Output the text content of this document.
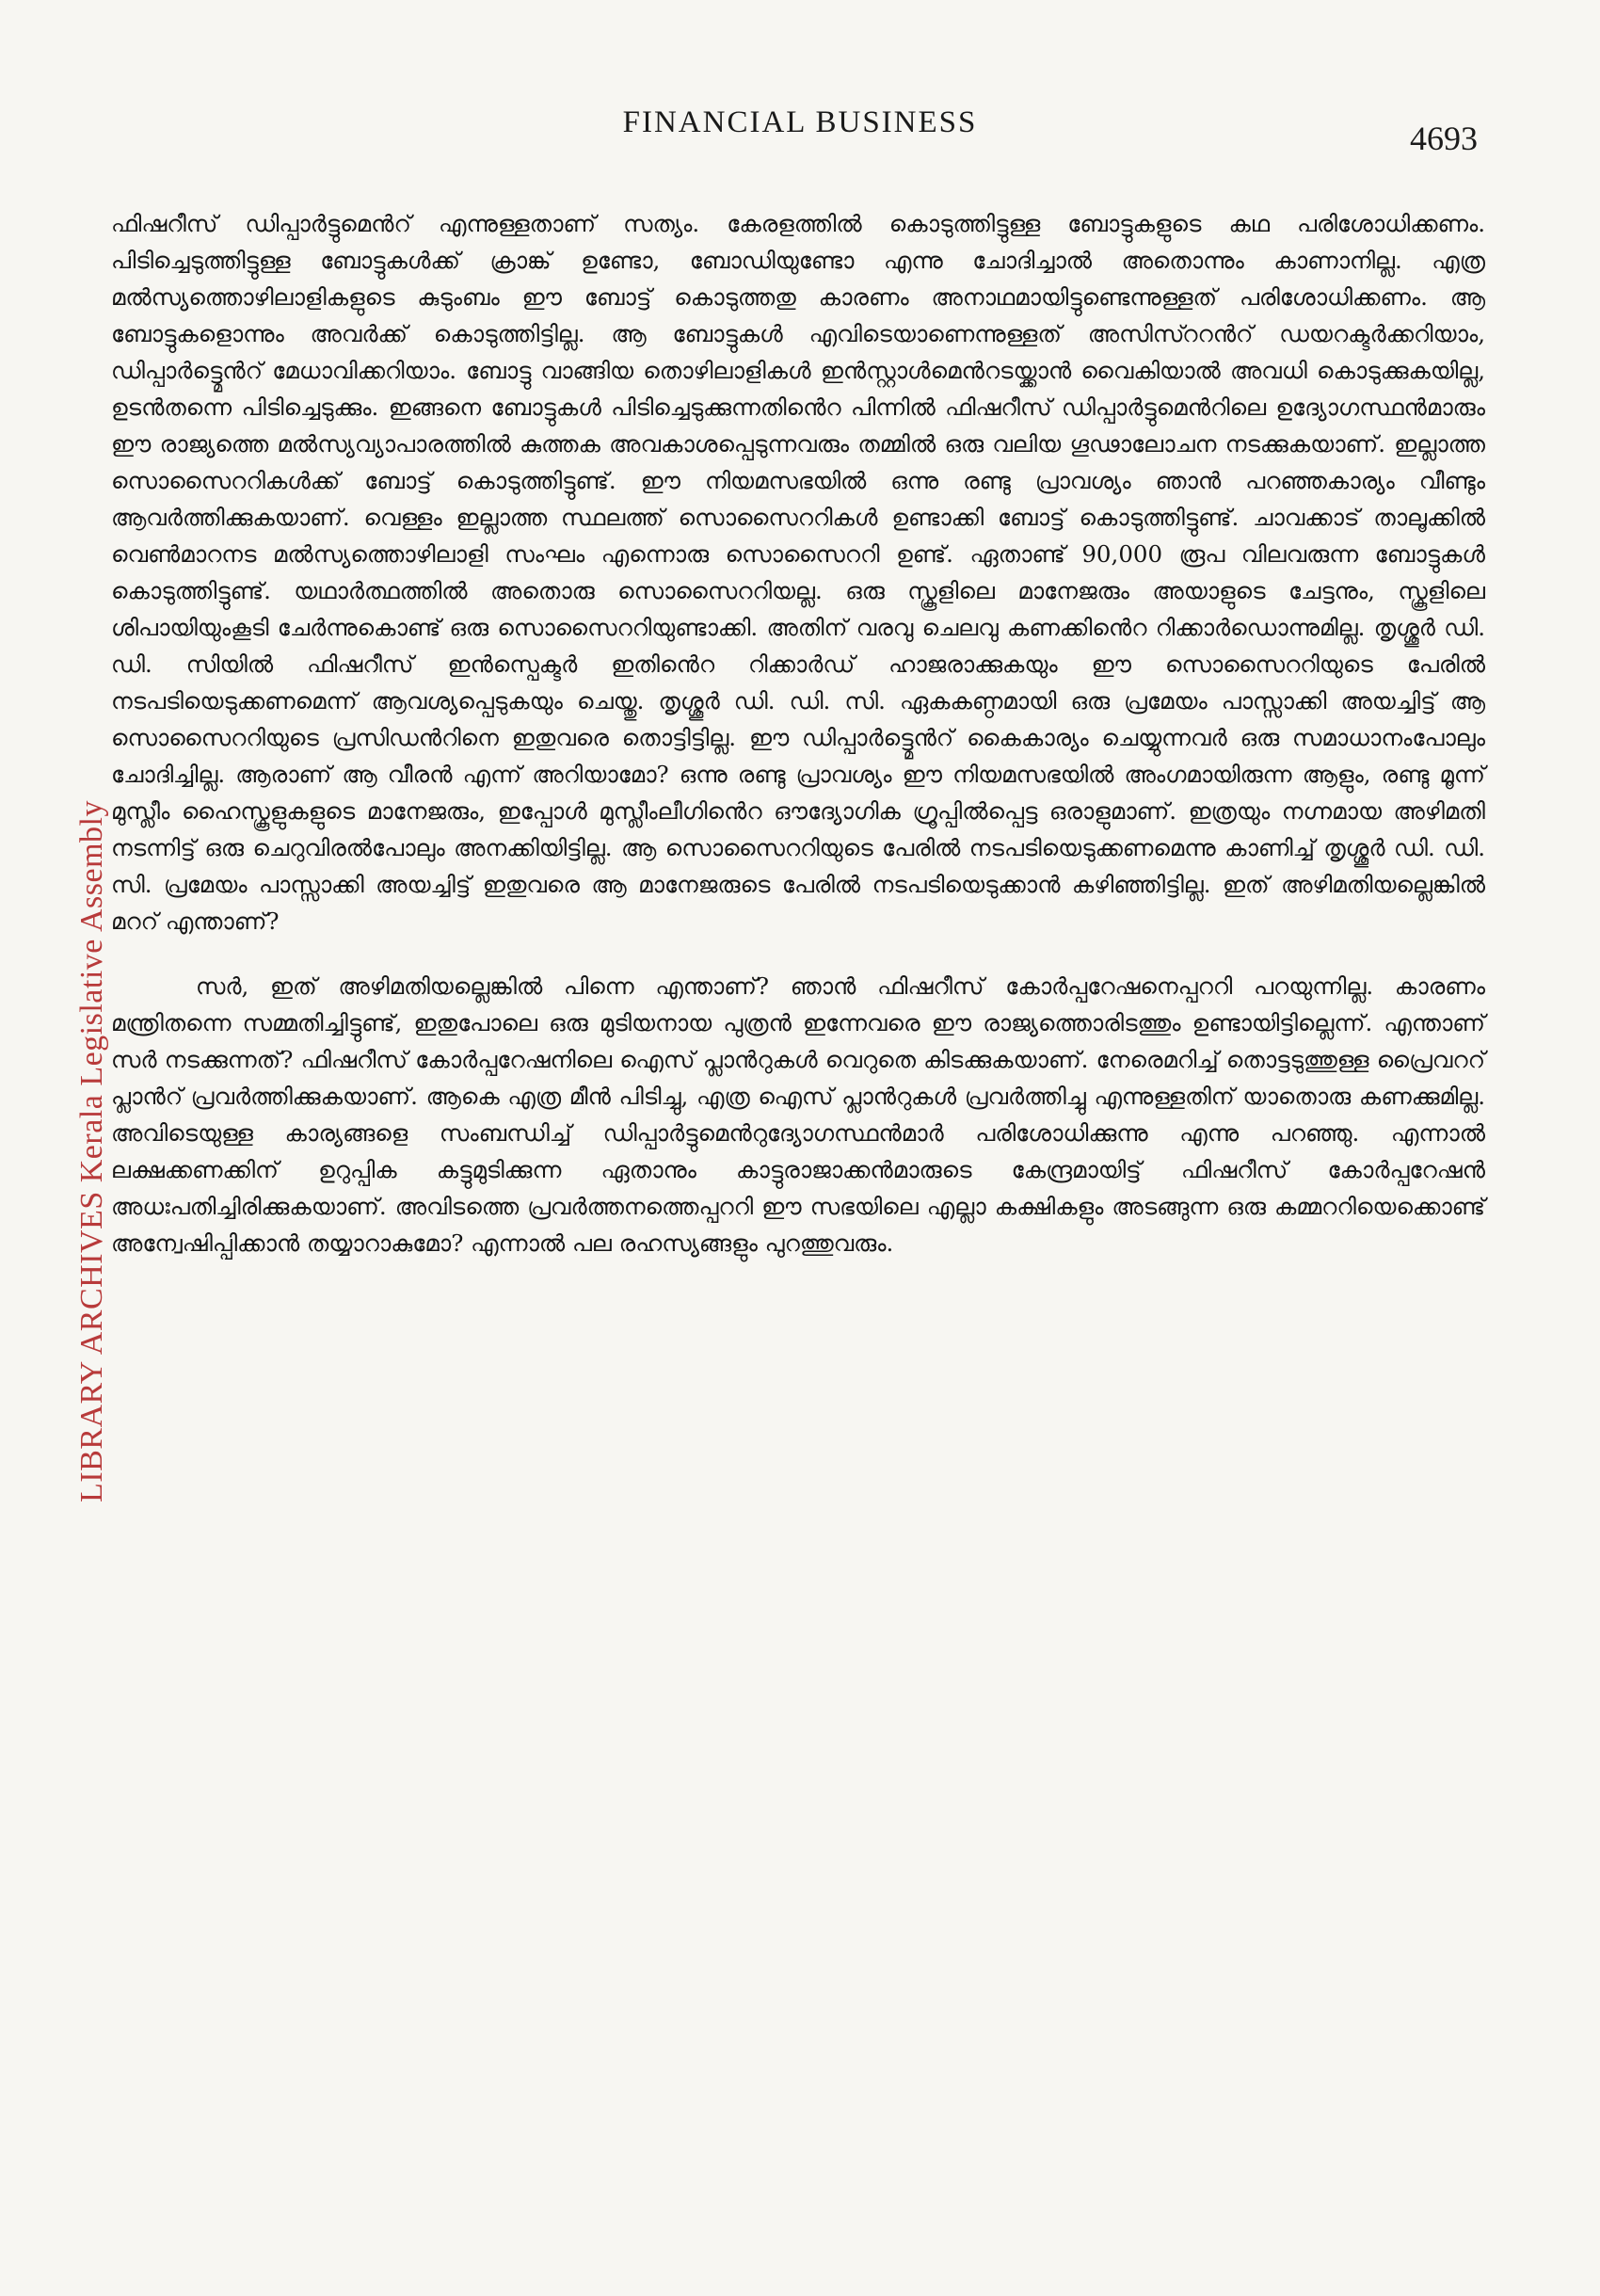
FINANCIAL BUSINESS	4693
LIBRARY ARCHIVES Kerala Legislative Assembly

ഫിഷറീസ് ഡിപ്പാർട്ടുമെൻറ് എന്നുള്ളതാണ് സത്യം. കേരളത്തിൽ കൊടുത്തിട്ടുള്ള ബോട്ടുകളുടെ കഥ പരിശോധിക്കണം. പിടിച്ചെടുത്തിട്ടുള്ള ബോട്ടുകൾക്ക് ക്രാങ്ക് ഉണ്ടോ, ബോഡിയുണ്ടോ എന്നു ചോദിച്ചാൽ അതൊന്നും കാണാനില്ല. എത്ര മൽസ്യത്തൊഴിലാളികളുടെ കുടുംബം ഈ ബോട്ട് കൊടുത്തതു കാരണം അനാഥമായിട്ടുണ്ടെന്നുള്ളത് പരിശോധിക്കണം. ആ ബോട്ടുകളൊന്നും അവർക്ക് കൊടുത്തിട്ടില്ല. ആ ബോട്ടുകൾ എവിടെയാണെന്നുള്ളത് അസിസ്ററൻറ് ഡയറക്ടർക്കറിയാം, ഡിപ്പാർട്ട്മെൻറ് മേധാവിക്കറിയാം. ബോട്ടു വാങ്ങിയ തൊഴിലാളികൾ ഇൻസ്റ്റാൾമെൻറടയ്ക്കാൻ വൈകിയാൽ അവധി കൊടുക്കുകയില്ല, ഉടൻതന്നെ പിടിച്ചെടുക്കും. ഇങ്ങനെ ബോട്ടുകൾ പിടിച്ചെടുക്കുന്നതിൻെറ പിന്നിൽ ഫിഷറീസ് ഡിപ്പാർട്ടുമെൻറിലെ ഉദ്യോഗസ്ഥൻമാരും ഈ രാജ്യത്തെ മൽസ്യവ്യാപാരത്തിൽ കുത്തക അവകാശപ്പെടുന്നവരും തമ്മിൽ ഒരു വലിയ ഗൂഢാലോചന നടക്കുകയാണ്. ഇല്ലാത്ത സൊസൈററികൾക്ക് ബോട്ട് കൊടുത്തിട്ടുണ്ട്. ഈ നിയമസഭയിൽ ഒന്നു രണ്ടു പ്രാവശ്യം ഞാൻ പറഞ്ഞകാര്യം വീണ്ടും ആവർത്തിക്കുകയാണ്. വെള്ളം ഇല്ലാത്ത സ്ഥലത്ത് സൊസൈററികൾ ഉണ്ടാക്കി ബോട്ട് കൊടുത്തിട്ടുണ്ട്. ചാവക്കാട് താലൂക്കിൽ വെൺമാറനട മൽസ്യത്തൊഴിലാളി സംഘം എന്നൊരു സൊസൈററി ഉണ്ട്. ഏതാണ്ട് 90,000 രൂപ വിലവരുന്ന ബോട്ടുകൾ കൊടുത്തിട്ടുണ്ട്. യഥാർത്ഥത്തിൽ അതൊരു സൊസൈററിയല്ല. ഒരു സ്കൂളിലെ മാനേജരും അയാളുടെ ചേട്ടനും, സ്കൂളിലെ ശിപായിയുംകൂടി ചേർന്നുകൊണ്ട് ഒരു സൊസൈററിയുണ്ടാക്കി. അതിന് വരവു ചെലവു കണക്കിൻെറ റിക്കാർഡൊന്നുമില്ല. തൃശ്ശൂർ ഡി. ഡി. സിയിൽ ഫിഷറീസ് ഇൻസ്പെക്ടർ ഇതിൻെറ റിക്കാർഡ് ഹാജരാക്കുകയും ഈ സൊസൈററിയുടെ പേരിൽ നടപടിയെടുക്കണമെന്ന് ആവശ്യപ്പെടുകയും ചെയ്തു. തൃശ്ശൂർ ഡി. ഡി. സി. ഏകകണ്ഠമായി ഒരു പ്രമേയം പാസ്സാക്കി അയച്ചിട്ട് ആ സൊസൈററിയുടെ പ്രസിഡൻറിനെ ഇതുവരെ തൊട്ടിട്ടില്ല. ഈ ഡിപ്പാർട്ട്മെൻറ് കൈകാര്യം ചെയ്യുന്നവർ ഒരു സമാധാനംപോലും ചോദിച്ചില്ല. ആരാണ് ആ വീരൻ എന്ന് അറിയാമോ? ഒന്നു രണ്ടു പ്രാവശ്യം ഈ നിയമസഭയിൽ അംഗമായിരുന്ന ആളും, രണ്ടു മൂന്ന് മുസ്ലീം ഹൈസ്കൂളുകളുടെ മാനേജരും, ഇപ്പോൾ മുസ്ലീംലീഗിൻെറ ഔദ്യോഗിക ഗ്രൂപ്പിൽപ്പെട്ട ഒരാളുമാണ്. ഇത്രയും നഗ്നമായ അഴിമതി നടന്നിട്ട് ഒരു ചെറുവിരൽപോലും അനക്കിയിട്ടില്ല. ആ സൊസൈററിയുടെ പേരിൽ നടപടിയെടുക്കണമെന്നു കാണിച്ച് തൃശ്ശൂർ ഡി. ഡി. സി. പ്രമേയം പാസ്സാക്കി അയച്ചിട്ട് ഇതുവരെ ആ മാനേജരുടെ പേരിൽ നടപടിയെടുക്കാൻ കഴിഞ്ഞിട്ടില്ല. ഇത് അഴിമതിയല്ലെങ്കിൽ മററ് എന്താണ്?

സർ, ഇത് അഴിമതിയല്ലെങ്കിൽ പിന്നെ എന്താണ്? ഞാൻ ഫിഷറീസ് കോർപ്പറേഷനെപ്പററി പറയുന്നില്ല. കാരണം മന്ത്രിതന്നെ സമ്മതിച്ചിട്ടുണ്ട്, ഇതുപോലെ ഒരു മുടിയനായ പുത്രൻ ഇന്നേവരെ ഈ രാജ്യത്തൊരിടത്തും ഉണ്ടായിട്ടില്ലെന്ന്. എന്താണ് സർ നടക്കുന്നത്? ഫിഷറീസ് കോർപ്പറേഷനിലെ ഐസ് പ്ലാൻറുകൾ വെറുതെ കിടക്കുകയാണ്. നേരെമറിച്ച് തൊട്ടടുത്തുള്ള പ്രൈവററ് പ്ലാൻറ് പ്രവർത്തിക്കുകയാണ്. ആകെ എത്ര മീൻ പിടിച്ചു, എത്ര ഐസ് പ്ലാൻറുകൾ പ്രവർത്തിച്ചു എന്നുള്ളതിന് യാതൊരു കണക്കുമില്ല. അവിടെയുള്ള കാര്യങ്ങളെ സംബന്ധിച്ച് ഡിപ്പാർട്ടുമെൻറുദ്യോഗസ്ഥൻമാർ പരിശോധിക്കുന്നു എന്നു പറഞ്ഞു. എന്നാൽ ലക്ഷക്കണക്കിന് ഉറുപ്പിക കട്ടുമുടിക്കുന്ന ഏതാനും കാട്ടുരാജാക്കൻമാരുടെ കേന്ദ്രമായിട്ട് ഫിഷറീസ് കോർപ്പറേഷൻ അധഃപതിച്ചിരിക്കുകയാണ്. അവിടത്തെ പ്രവർത്തനത്തെപ്പററി ഈ സഭയിലെ എല്ലാ കക്ഷികളും അടങ്ങുന്ന ഒരു കമ്മററിയെക്കൊണ്ട് അന്വേഷിപ്പിക്കാൻ തയ്യാറാകുമോ? എന്നാൽ പല രഹസ്യങ്ങളും പുറത്തുവരും.
